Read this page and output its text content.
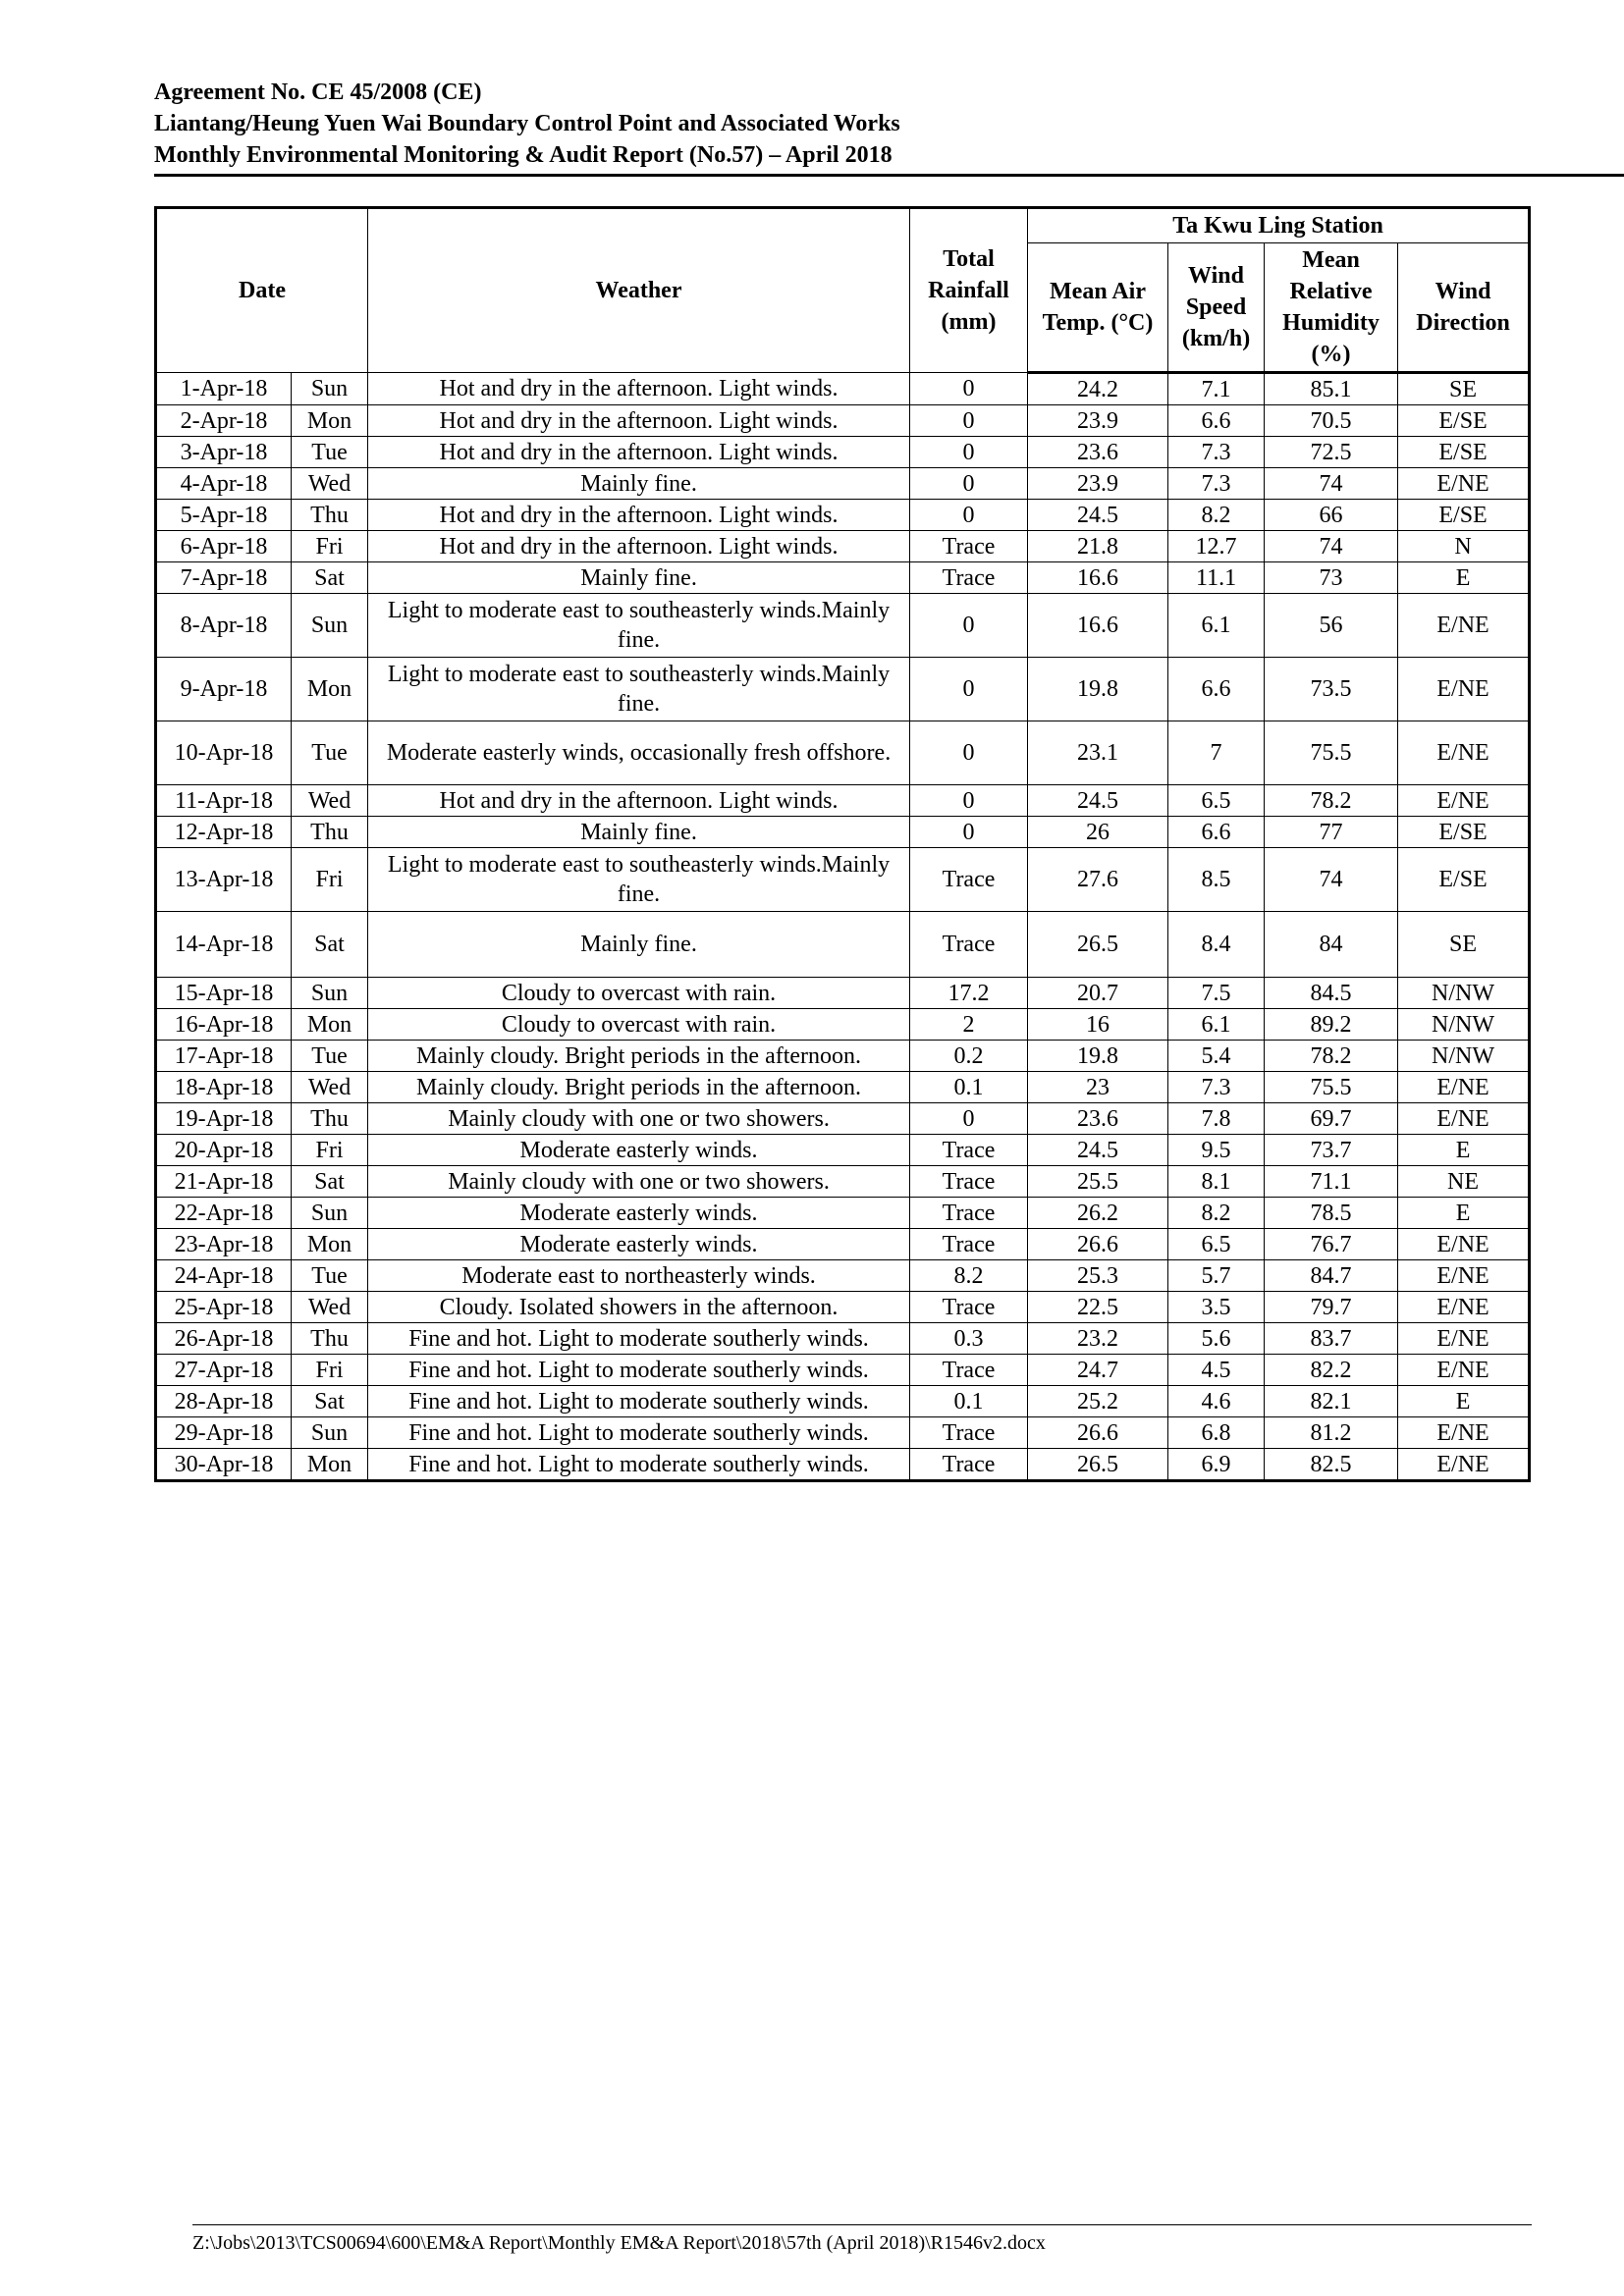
Agreement No. CE 45/2008 (CE)

Liantang/Heung Yuen Wai Boundary Control Point and Associated Works

Monthly Environmental Monitoring & Audit Report (No.57) – April 2018

Date		Weather	Total Rainfall (mm)	Ta Kwu Ling Station			
				Mean Air Temp. (°C)	Wind Speed (km/h)	Mean Relative Humidity (%)	Wind Direction
1-Apr-18	Sun	Hot and dry in the afternoon. Light winds.	0	24.2	7.1	85.1	SE
2-Apr-18	Mon	Hot and dry in the afternoon. Light winds.	0	23.9	6.6	70.5	E/SE
3-Apr-18	Tue	Hot and dry in the afternoon. Light winds.	0	23.6	7.3	72.5	E/SE
4-Apr-18	Wed	Mainly fine.	0	23.9	7.3	74	E/NE
5-Apr-18	Thu	Hot and dry in the afternoon. Light winds.	0	24.5	8.2	66	E/SE
6-Apr-18	Fri	Hot and dry in the afternoon. Light winds.	Trace	21.8	12.7	74	N
7-Apr-18	Sat	Mainly fine.	Trace	16.6	11.1	73	E
8-Apr-18	Sun	Light to moderate east to southeasterly winds.Mainly fine.	0	16.6	6.1	56	E/NE
9-Apr-18	Mon	Light to moderate east to southeasterly winds.Mainly fine.	0	19.8	6.6	73.5	E/NE
10-Apr-18	Tue	Moderate easterly winds, occasionally fresh offshore.	0	23.1	7	75.5	E/NE
11-Apr-18	Wed	Hot and dry in the afternoon. Light winds.	0	24.5	6.5	78.2	E/NE
12-Apr-18	Thu	Mainly fine.	0	26	6.6	77	E/SE
13-Apr-18	Fri	Light to moderate east to southeasterly winds.Mainly fine.	Trace	27.6	8.5	74	E/SE
14-Apr-18	Sat	Mainly fine.	Trace	26.5	8.4	84	SE
15-Apr-18	Sun	Cloudy to overcast with rain.	17.2	20.7	7.5	84.5	N/NW
16-Apr-18	Mon	Cloudy to overcast with rain.	2	16	6.1	89.2	N/NW
17-Apr-18	Tue	Mainly cloudy. Bright periods in the afternoon.	0.2	19.8	5.4	78.2	N/NW
18-Apr-18	Wed	Mainly cloudy. Bright periods in the afternoon.	0.1	23	7.3	75.5	E/NE
19-Apr-18	Thu	Mainly cloudy with one or two showers.	0	23.6	7.8	69.7	E/NE
20-Apr-18	Fri	Moderate easterly winds.	Trace	24.5	9.5	73.7	E
21-Apr-18	Sat	Mainly cloudy with one or two showers.	Trace	25.5	8.1	71.1	NE
22-Apr-18	Sun	Moderate easterly winds.	Trace	26.2	8.2	78.5	E
23-Apr-18	Mon	Moderate easterly winds.	Trace	26.6	6.5	76.7	E/NE
24-Apr-18	Tue	Moderate east to northeasterly winds.	8.2	25.3	5.7	84.7	E/NE
25-Apr-18	Wed	Cloudy. Isolated showers in the afternoon.	Trace	22.5	3.5	79.7	E/NE
26-Apr-18	Thu	Fine and hot. Light to moderate southerly winds.	0.3	23.2	5.6	83.7	E/NE
27-Apr-18	Fri	Fine and hot. Light to moderate southerly winds.	Trace	24.7	4.5	82.2	E/NE
28-Apr-18	Sat	Fine and hot. Light to moderate southerly winds.	0.1	25.2	4.6	82.1	E
29-Apr-18	Sun	Fine and hot. Light to moderate southerly winds.	Trace	26.6	6.8	81.2	E/NE
30-Apr-18	Mon	Fine and hot. Light to moderate southerly winds.	Trace	26.5	6.9	82.5	E/NE
Z:\Jobs\2013\TCS00694\600\EM&A Report\Monthly EM&A Report\2018\57th (April 2018)\R1546v2.docx
